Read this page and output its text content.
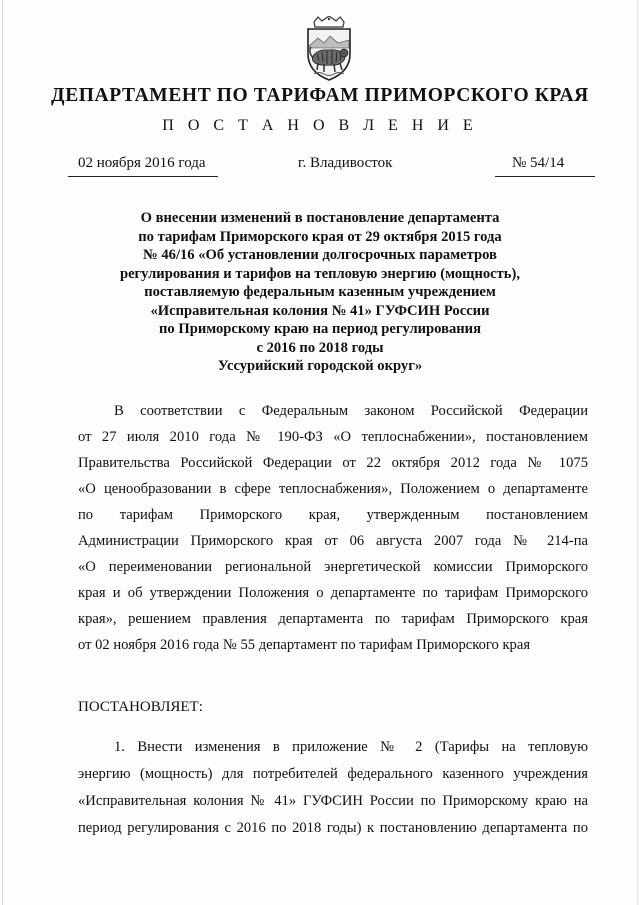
ДЕПАРТАМЕНТ ПО ТАРИФАМ ПРИМОРСКОГО КРАЯ
П О С Т А Н О В Л Е Н И Е
02 ноября 2016 года	г. Владивосток	№ 54/14
О внесении изменений в постановление департамента
по тарифам Приморского края от 29 октября 2015 года
№ 46/16 «Об установлении долгосрочных параметров
регулирования и тарифов на тепловую энергию (мощность),
поставляемую федеральным казенным учреждением
«Исправительная колония № 41» ГУФСИН России
по Приморскому краю на период регулирования
с 2016 по 2018 годы
Уссурийский городской округ»
В соответствии с Федеральным законом Российской Федерации
от 27 июля 2010 года № 190-ФЗ «О теплоснабжении», постановлением
Правительства Российской Федерации от 22 октября 2012 года № 1075
«О ценообразовании в сфере теплоснабжения», Положением о департаменте
по тарифам Приморского края, утвержденным постановлением
Администрации Приморского края от 06 августа 2007 года № 214-па
«О переименовании региональной энергетической комиссии Приморского
края и об утверждении Положения о департаменте по тарифам Приморского
края», решением правления департамента по тарифам Приморского края
от 02 ноября 2016 года № 55 департамент по тарифам Приморского края
ПОСТАНОВЛЯЕТ:
1. Внести изменения в приложение № 2 (Тарифы на тепловую
энергию (мощность) для потребителей федерального казенного учреждения
«Исправительная колония № 41» ГУФСИН России по Приморскому краю на
период регулирования с 2016 по 2018 годы) к постановлению департамента по
